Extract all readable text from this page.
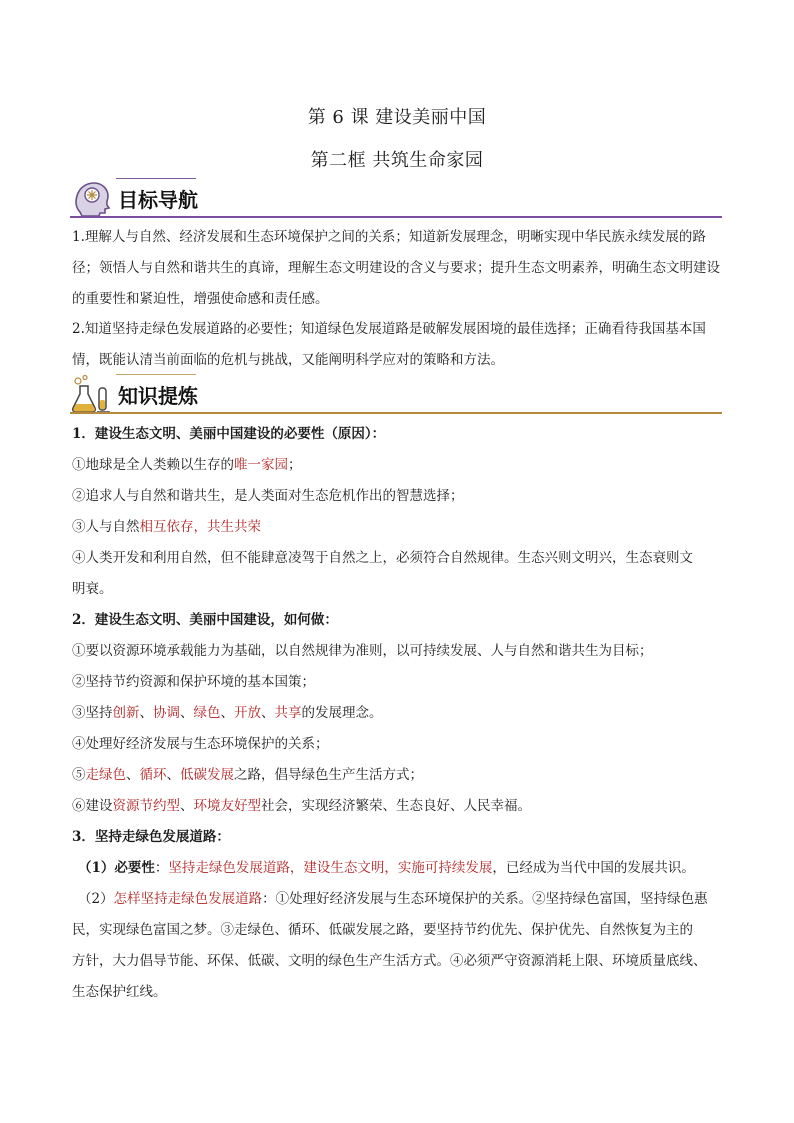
第 6 课 建设美丽中国
第二框 共筑生命家园
目标导航
1.理解人与自然、经济发展和生态环境保护之间的关系；知道新发展理念，明晰实现中华民族永续发展的路径；领悟人与自然和谐共生的真谛，理解生态文明建设的含义与要求；提升生态文明素养，明确生态文明建设的重要性和紧迫性，增强使命感和责任感。
2.知道坚持走绿色发展道路的必要性；知道绿色发展道路是破解发展困境的最佳选择；正确看待我国基本国情，既能认清当前面临的危机与挑战，又能阐明科学应对的策略和方法。
知识提炼
1．建设生态文明、美丽中国建设的必要性（原因）：
①地球是全人类赖以生存的唯一家园；
②追求人与自然和谐共生，是人类面对生态危机作出的智慧选择；
③人与自然相互依存，共生共荣
④人类开发和利用自然，但不能肆意凌驾于自然之上，必须符合自然规律。生态兴则文明兴，生态衰则文
明衰。
2．建设生态文明、美丽中国建设，如何做：
①要以资源环境承载能力为基础，以自然规律为准则，以可持续发展、人与自然和谐共生为目标；
②坚持节约资源和保护环境的基本国策；
③坚持创新、协调、绿色、开放、共享的发展理念。
④处理好经济发展与生态环境保护的关系；
⑤走绿色、循环、低碳发展之路，倡导绿色生产生活方式；
⑥建设资源节约型、环境友好型社会，实现经济繁荣、生态良好、人民幸福。
3．坚持走绿色发展道路：
（1）必要性：坚持走绿色发展道路，建设生态文明，实施可持续发展，已经成为当代中国的发展共识。
（2）怎样坚持走绿色发展道路：①处理好经济发展与生态环境保护的关系。②坚持绿色富国，坚持绿色惠
民，实现绿色富国之梦。③走绿色、循环、低碳发展之路，要坚持节约优先、保护优先、自然恢复为主的
方针，大力倡导节能、环保、低碳、文明的绿色生产生活方式。④必须严守资源消耗上限、环境质量底线、
生态保护红线。
